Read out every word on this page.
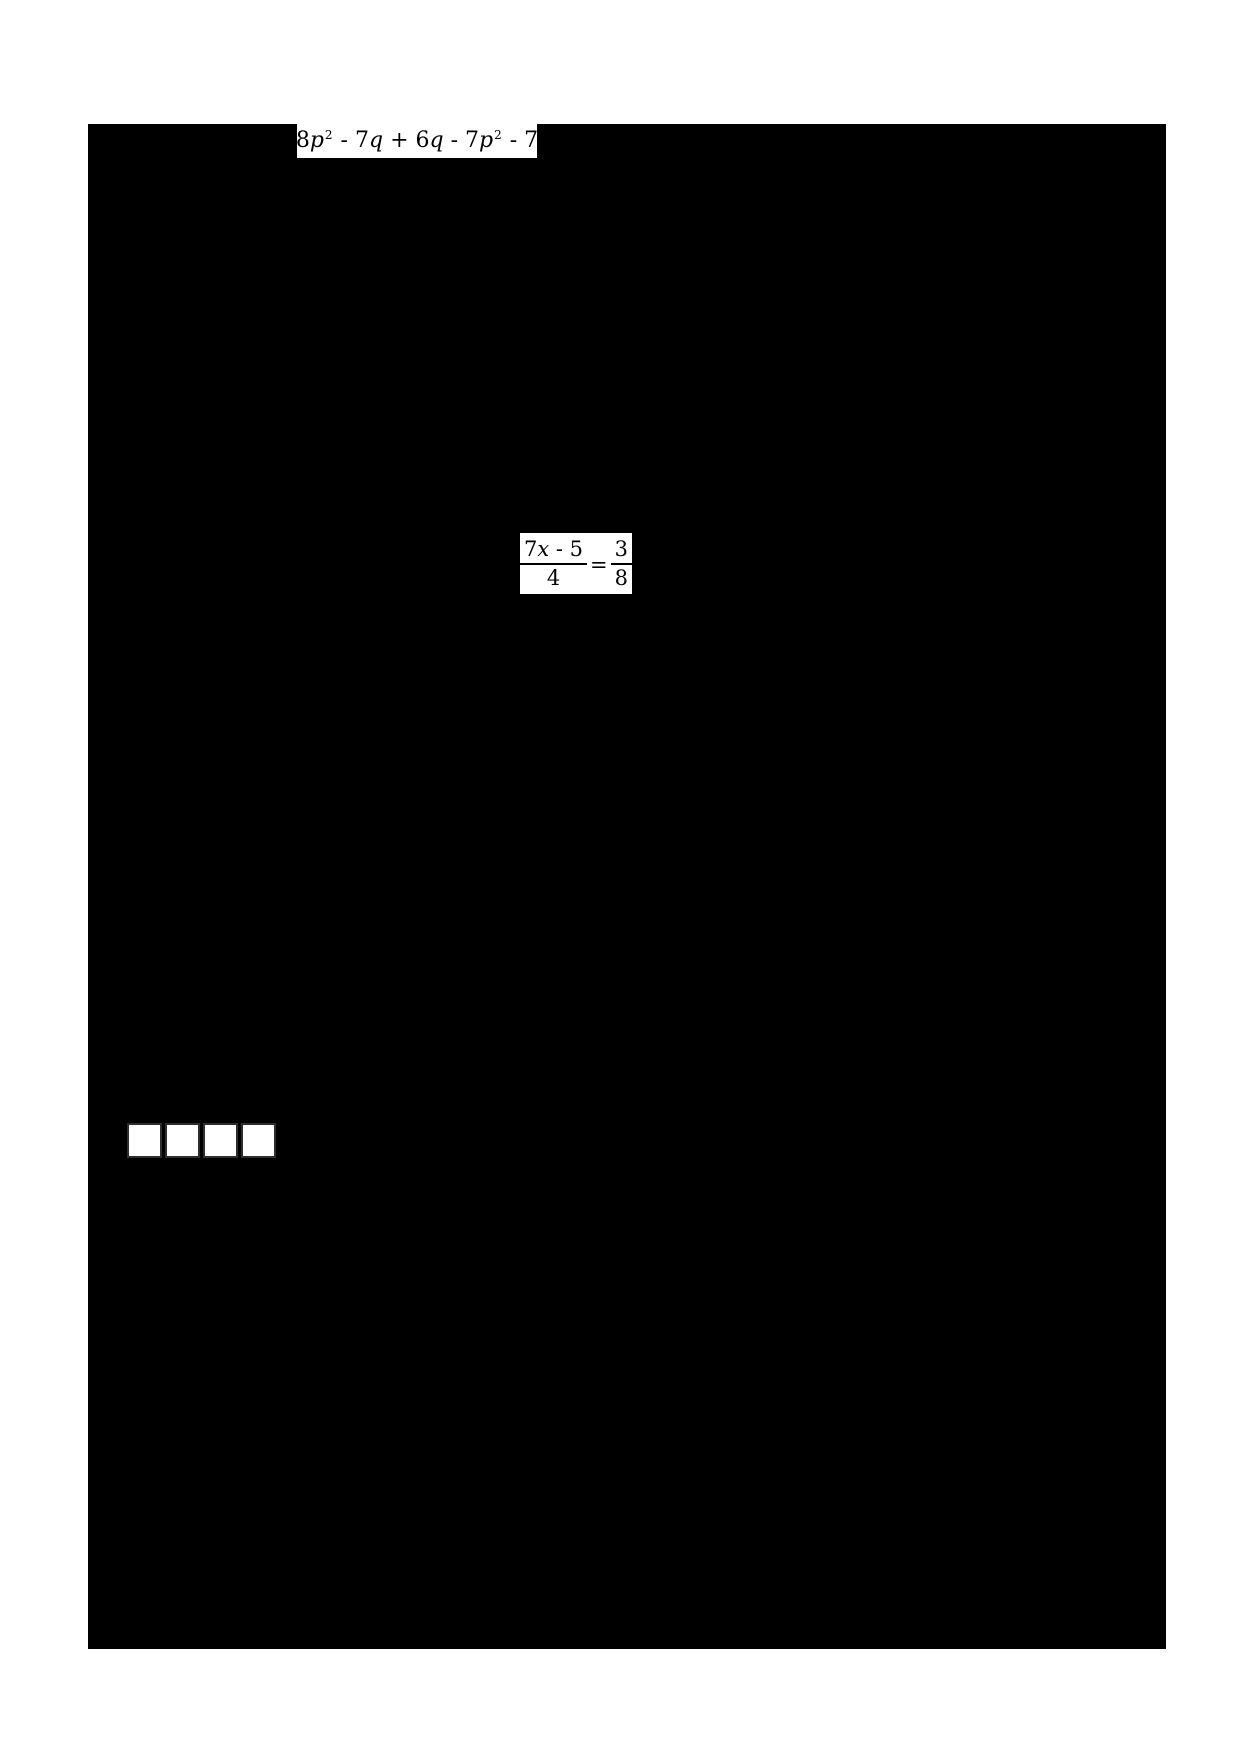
$8p^2 - 7q + 6q - 7p^2 - 7$
$\frac{7x - 5}{4} = \frac{3}{8}$
